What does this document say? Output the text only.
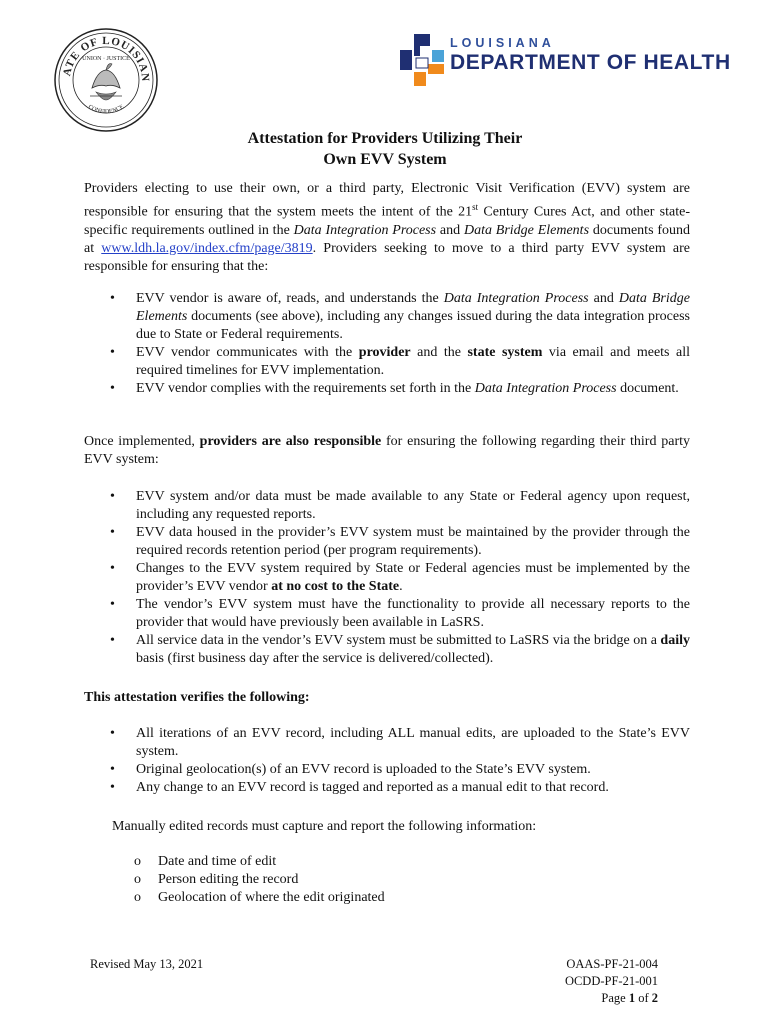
ATE OF LOUISIAN
UNION · JUSTICE
CONFIDENCE
LOUISIANA
DEPARTMENT OF HEALTH
Attestation for Providers Utilizing Their
Own EVV System
Providers electing to use their own, or a third party, Electronic Visit Verification (EVV) system are responsible for ensuring that the system meets the intent of the 21st Century Cures Act, and other state-specific requirements outlined in the Data Integration Process and Data Bridge Elements documents found at www.ldh.la.gov/index.cfm/page/3819. Providers seeking to move to a third party EVV system are responsible for ensuring that the:
• EVV vendor is aware of, reads, and understands the Data Integration Process and Data Bridge Elements documents (see above), including any changes issued during the data integration process due to State or Federal requirements.
• EVV vendor communicates with the provider and the state system via email and meets all required timelines for EVV implementation.
• EVV vendor complies with the requirements set forth in the Data Integration Process document.
Once implemented, providers are also responsible for ensuring the following regarding their third party EVV system:
• EVV system and/or data must be made available to any State or Federal agency upon request, including any requested reports.
• EVV data housed in the provider’s EVV system must be maintained by the provider through the required records retention period (per program requirements).
• Changes to the EVV system required by State or Federal agencies must be implemented by the provider’s EVV vendor at no cost to the State.
• The vendor’s EVV system must have the functionality to provide all necessary reports to the provider that would have previously been available in LaSRS.
• All service data in the vendor’s EVV system must be submitted to LaSRS via the bridge on a daily basis (first business day after the service is delivered/collected).
This attestation verifies the following:
• All iterations of an EVV record, including ALL manual edits, are uploaded to the State’s EVV system.
• Original geolocation(s) of an EVV record is uploaded to the State’s EVV system.
• Any change to an EVV record is tagged and reported as a manual edit to that record.
Manually edited records must capture and report the following information:
o Date and time of edit
o Person editing the record
o Geolocation of where the edit originated
Revised May 13, 2021	OAAS-PF-21-004
OCDD-PF-21-001
Page 1 of 2
